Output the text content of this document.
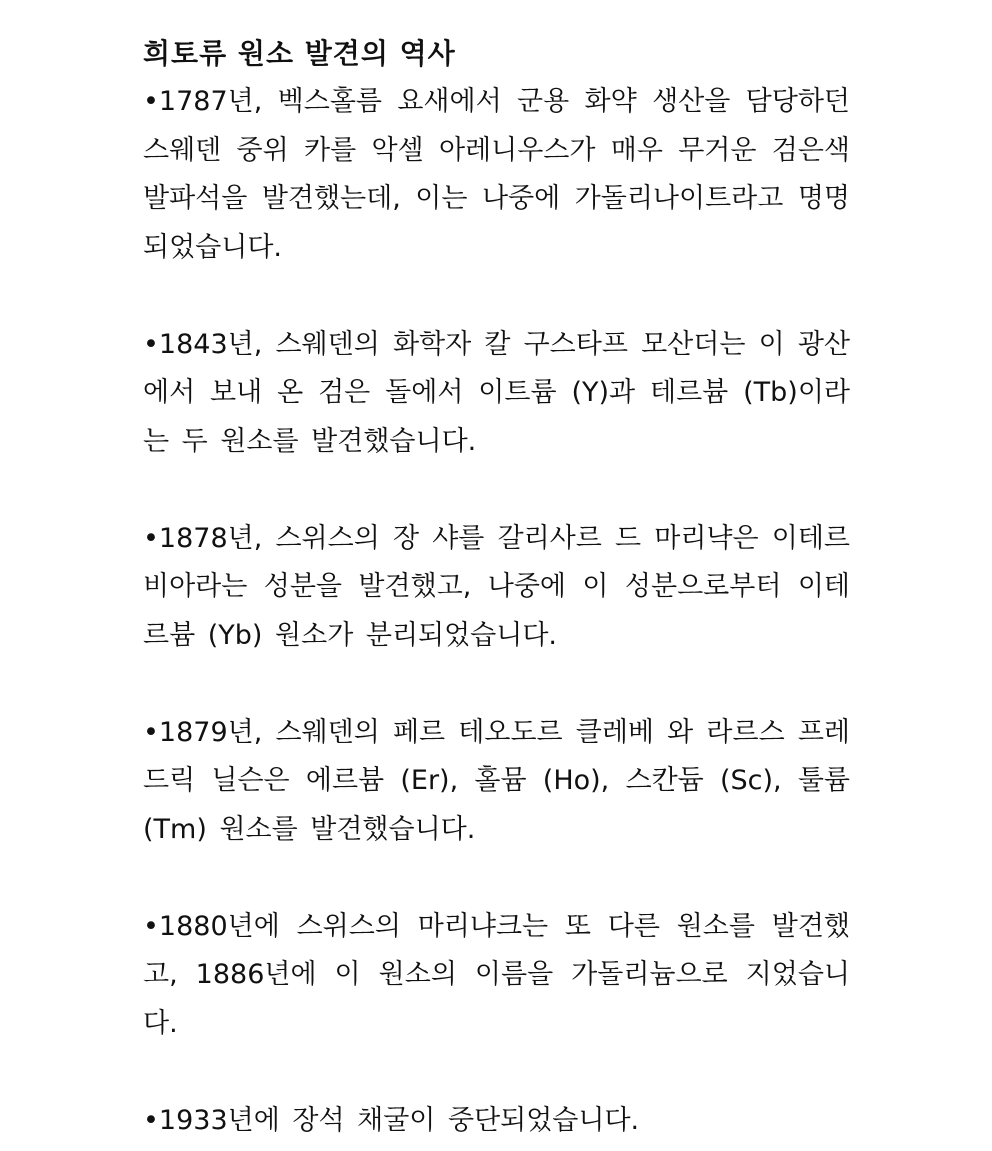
희토류 원소 발견의 역사

•1787년, 벡스홀름 요새에서 군용 화약 생산을 담당하던 스웨덴 중위 카를 악셀 아레니우스가 매우 무거운 검은색 발파석을 발견했는데, 이는 나중에 가돌리나이트라고 명명되었습니다.

•1843년, 스웨덴의 화학자 칼 구스타프 모산더는 이 광산에서 보내 온 검은 돌에서 이트륨 (Y)과 테르븀 (Tb)이라는 두 원소를 발견했습니다.

•1878년, 스위스의 장 샤를 갈리사르 드 마리냑은 이테르비아라는 성분을 발견했고, 나중에 이 성분으로부터 이테르븀 (Yb) 원소가 분리되었습니다.

•1879년, 스웨덴의 페르 테오도르 클레베 와 라르스 프레드릭 닐슨은 에르븀 (Er), 홀뮴 (Ho), 스칸듐 (Sc), 툴륨 (Tm) 원소를 발견했습니다.

•1880년에 스위스의 마리냐크는 또 다른 원소를 발견했고, 1886년에 이 원소의 이름을 가돌리늄으로 지었습니다.

•1933년에 장석 채굴이 중단되었습니다.
